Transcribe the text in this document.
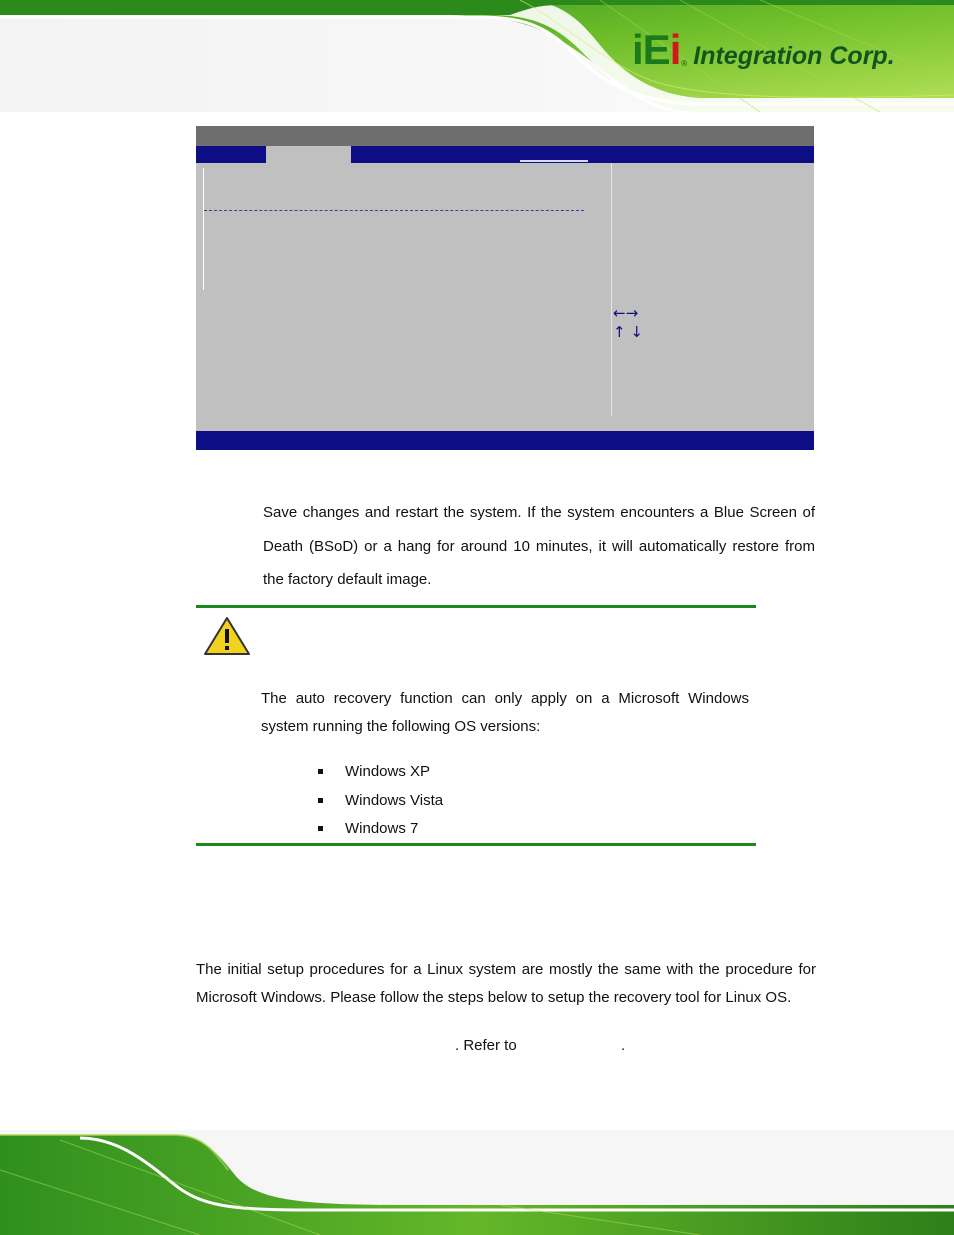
iEi ® Integration Corp.
←→
↑ ↓
Save changes and restart the system. If the system encounters a Blue Screen of Death (BSoD) or a hang for around 10 minutes, it will automatically restore from the factory default image.
The auto recovery function can only apply on a Microsoft Windows system running the following OS versions:
Windows XP
Windows Vista
Windows 7
The initial setup procedures for a Linux system are mostly the same with the procedure for Microsoft Windows. Please follow the steps below to setup the recovery tool for Linux OS.
. Refer to	.
